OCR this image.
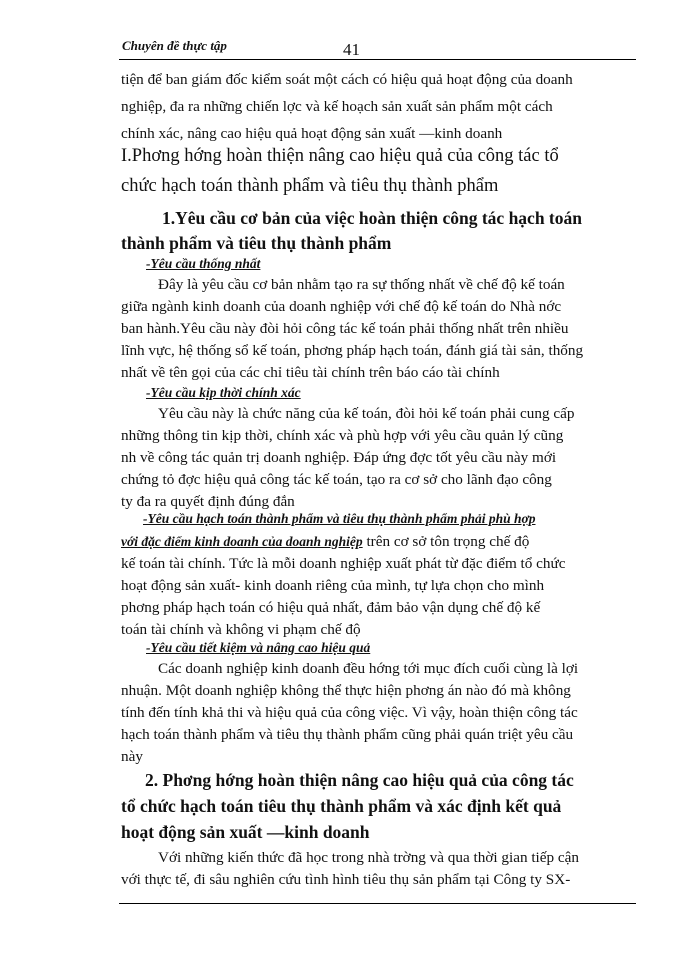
Chuyên đề thực tập	41
tiện để ban giám đốc kiểm soát một cách có hiệu quả hoạt động của doanh
nghiệp, đa ra những chiến lợc và kế hoạch sản xuất sản phẩm một cách
chính xác, nâng cao hiệu quả hoạt động sản xuất —kinh doanh
I.Phơng hớng hoàn thiện nâng cao hiệu quả của công tác tổ
chức hạch toán thành phẩm và tiêu thụ thành phẩm
1.Yêu cầu cơ bản của việc hoàn thiện công tác hạch toán
thành phẩm và tiêu thụ thành phẩm
-Yêu cầu thống nhất
Đây là yêu cầu cơ bản nhằm tạo ra sự thống nhất về chế độ kế toán
giữa ngành kinh doanh của doanh nghiệp với chế độ kế toán do Nhà nớc
ban hành.Yêu cầu này đòi hỏi công tác kế toán phải thống nhất trên nhiều
lĩnh vực, hệ thống sổ kế toán, phơng pháp hạch toán, đánh giá tài sản, thống
nhất về tên gọi của các chỉ tiêu tài chính trên báo cáo tài chính
-Yêu cầu kịp thời chính xác
Yêu cầu này là chức năng của kế toán, đòi hỏi kế toán phải cung cấp
những thông tin kịp thời, chính xác và phù hợp với yêu cầu quản lý cũng
nh về công tác quản trị doanh nghiệp. Đáp ứng đợc tốt yêu cầu này mới
chứng tỏ đợc hiệu quả công tác kế toán, tạo ra cơ sở cho lãnh đạo công
ty đa ra quyết định đúng đắn
-Yêu cầu hạch toán thành phẩm và tiêu thụ thành phẩm phải phù hợp
với đặc điểm kinh doanh của doanh nghiệp trên cơ sở tôn trọng chế độ
kế toán tài chính. Tức là mỗi doanh nghiệp xuất phát từ đặc điểm tổ chức
hoạt động sản xuất- kinh doanh riêng của mình, tự lựa chọn cho mình
phơng pháp hạch toán có hiệu quả nhất, đảm bảo vận dụng chế độ kế
toán tài chính và không vi phạm chế độ
-Yêu cầu tiết kiệm và nâng cao hiệu quả
Các doanh nghiệp kinh doanh đều hớng tới mục đích cuối cùng là lợi
nhuận. Một doanh nghiệp không thể thực hiện phơng án nào đó mà không
tính đến tính khả thi và hiệu quả của công việc. Vì vậy, hoàn thiện công tác
hạch toán thành phẩm và tiêu thụ thành phẩm cũng phải quán triệt yêu cầu
này
2. Phơng hớng hoàn thiện nâng cao hiệu quả của công tác
tổ chức hạch toán tiêu thụ thành phẩm và xác định kết quả
hoạt động sản xuất —kinh doanh
Với những kiến thức đã học trong nhà trờng và qua thời gian tiếp cận
với thực tế, đi sâu nghiên cứu tình hình tiêu thụ sản phẩm tại Công ty SX-
